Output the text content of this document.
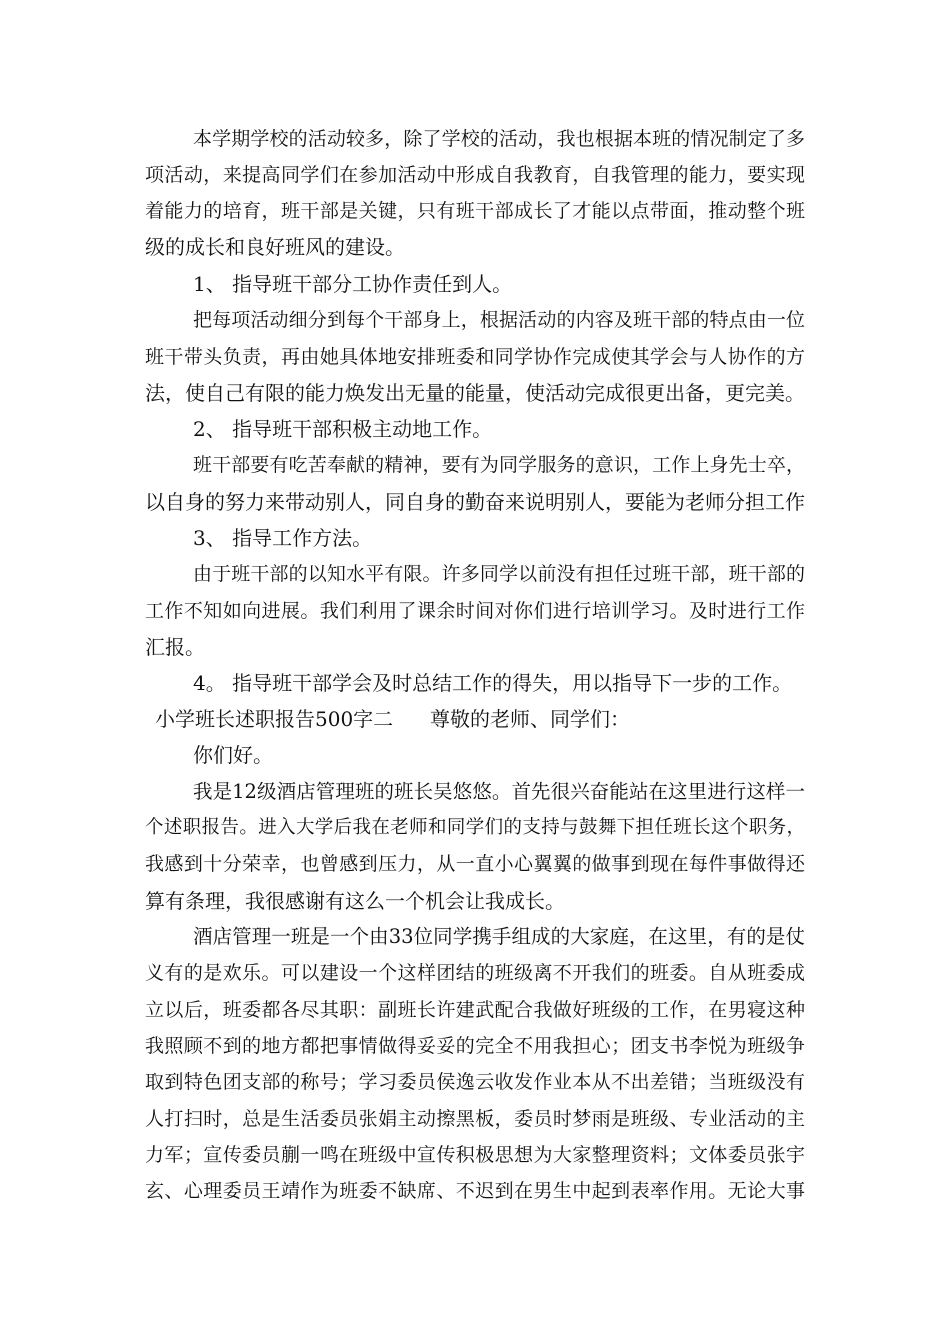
本学期学校的活动较多，除了学校的活动，我也根据本班的情况制定了多
项活动，来提高同学们在参加活动中形成自我教育，自我管理的能力，要实现
着能力的培育，班干部是关键，只有班干部成长了才能以点带面，推动整个班
级的成长和良好班风的建设。
1、 指导班干部分工协作责任到人。
把每项活动细分到每个干部身上，根据活动的内容及班干部的特点由一位
班干带头负责，再由她具体地安排班委和同学协作完成使其学会与人协作的方
法，使自己有限的能力焕发出无量的能量，使活动完成很更出备，更完美。
2、 指导班干部积极主动地工作。
班干部要有吃苦奉献的精神，要有为同学服务的意识，工作上身先士卒，
以自身的努力来带动别人，同自身的勤奋来说明别人，要能为老师分担工作
3、 指导工作方法。
由于班干部的以知水平有限。许多同学以前没有担任过班干部，班干部的
工作不知如向进展。我们利用了课余时间对你们进行培训学习。及时进行工作
汇报。
4。 指导班干部学会及时总结工作的得失，用以指导下一步的工作。
小学班长述职报告500字二 尊敬的老师、同学们：
你们好。
我是12级酒店管理班的班长吴悠悠。首先很兴奋能站在这里进行这样一
个述职报告。进入大学后我在老师和同学们的支持与鼓舞下担任班长这个职务，
我感到十分荣幸，也曾感到压力，从一直小心翼翼的做事到现在每件事做得还
算有条理，我很感谢有这么一个机会让我成长。
酒店管理一班是一个由33位同学携手组成的大家庭，在这里，有的是仗
义有的是欢乐。可以建设一个这样团结的班级离不开我们的班委。自从班委成
立以后，班委都各尽其职：副班长许建武配合我做好班级的工作，在男寝这种
我照顾不到的地方都把事情做得妥妥的完全不用我担心；团支书李悦为班级争
取到特色团支部的称号；学习委员侯逸云收发作业本从不出差错；当班级没有
人打扫时，总是生活委员张娟主动擦黑板，委员时梦雨是班级、专业活动的主
力军；宣传委员蒯一鸣在班级中宣传积极思想为大家整理资料；文体委员张宇
玄、心理委员王靖作为班委不缺席、不迟到在男生中起到表率作用。无论大事
